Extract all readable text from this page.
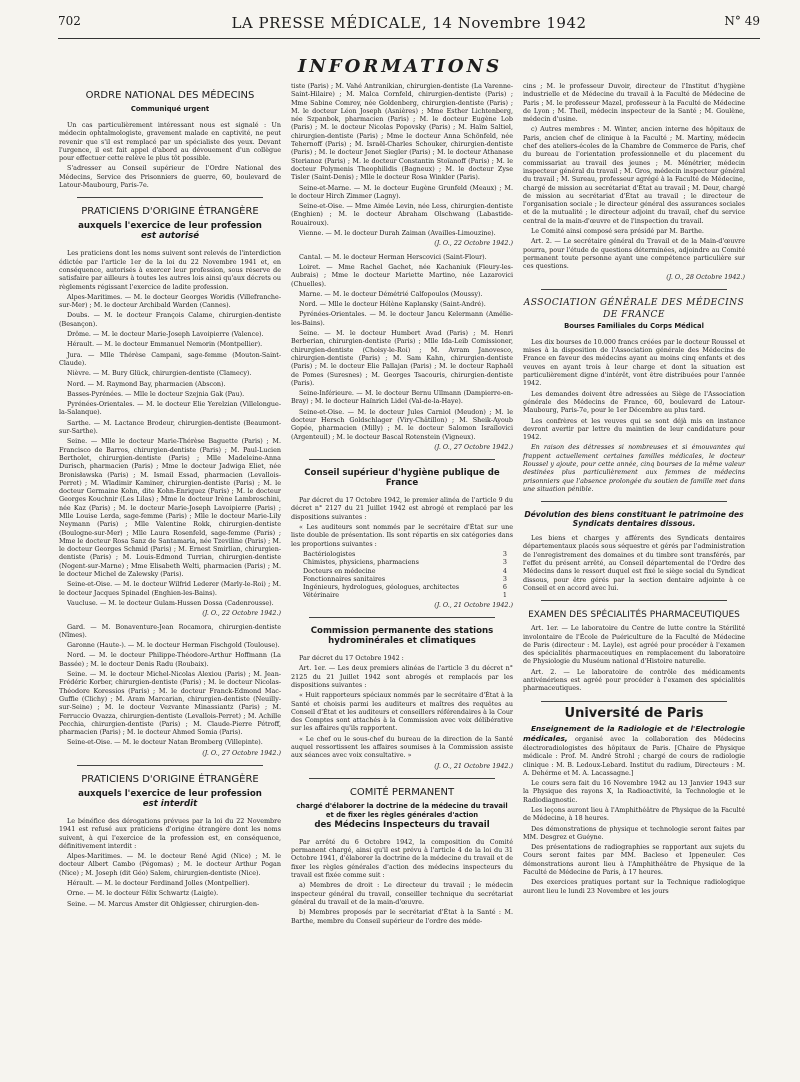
702	LA PRESSE MÉDICALE, 14 Novembre 1942	N° 49
INFORMATIONS
ORDRE NATIONAL DES MÉDECINS
Communiqué urgent

Un cas particulièrement intéressant nous est signalé : Un médecin ophtalmologiste, gravement malade en captivité, ne peut revenir que s'il est remplacé par un spécialiste des yeux. Devant l'urgence, il est fait appel d'abord au dévouement d'un collègue pour effectuer cette relève le plus tôt possible.

S'adresser au Conseil supérieur de l'Ordre National des Médecins, Service des Prisonniers de guerre, 60, boulevard de Latour-Maubourg, Paris-7e.

PRATICIENS D'ORIGINE ÉTRANGÈRE
auxquels l'exercice de leur profession
est autorisé

Les praticiens dont les noms suivent sont relevés de l'interdiction édictée par l'article 1er de la loi du 22 Novembre 1941 et, en conséquence, autorisés à exercer leur profession, sous réserve de satisfaire par ailleurs à toutes les autres lois ainsi qu'aux décrets ou règlements régissant l'exercice de ladite profession.

Alpes-Maritimes. — M. le docteur Georges Woridis (Villefranche-sur-Mer) ; M. le docteur Archibald Warden (Cannes).

Doubs. — M. le docteur François Calame, chirurgien-dentiste (Besançon).

Drôme. — M. le docteur Marie-Joseph Lavoipierre (Valence).

Hérault. — M. le docteur Emmanuel Nemorin (Montpellier).

Jura. — Mlle Thérèse Campani, sage-femme (Mouton-Saint-Claude).

Nièvre. — M. Bury Glück, chirurgien-dentiste (Clamecy).

Nord. — M. Raymond Bay, pharmacien (Abscon).

Basses-Pyrénées. — Mlle le docteur Szejnia Gak (Pau).

Pyrénées-Orientales. — M. le docteur Elie Yerelzian (Villelongue-la-Salanque).

Sarthe. — M. Lactance Brodeur, chirurgien-dentiste (Beaumont-sur-Sarthe).

Seine. — Mlle le docteur Marie-Thérèse Baguette (Paris) ; M. Francisco de Barros, chirurgien-dentiste (Paris) ; M. Paul-Lucien Bertholet, chirurgien-dentiste (Paris) ; Mlle Madeleine-Anna Durisch, pharmacien (Paris) ; Mme le docteur Jadwiga Eliet, née Bronisławska (Paris) ; M. Ismail Essad, pharmacien (Levallois-Perret) ; M. Wladimir Kaminer, chirurgien-dentiste (Paris) ; M. le docteur Germaine Kohn, dite Kohn-Enriquez (Paris) ; M. le docteur Georges Kouchnir (Les Lilas) ; Mme le docteur Irène Lambroschini, née Kaz (Paris) ; M. le docteur Marie-Joseph Lavoipierre (Paris) ; Mlle Louise Lerda, sage-femme (Paris) ; Mlle le docteur Marie-Lily Neymann (Paris) ; Mlle Valentine Rokk, chirurgien-dentiste (Boulogne-sur-Mer) ; Mlle Laura Rosenfeld, sage-femme (Paris) ; Mme le docteur Rosa Sanz de Santamaria, née Tzeviline (Paris) ; M. le docteur Georges Schmid (Paris) ; M. Ernest Smirlian, chirurgien-dentiste (Paris) ; M. Louis-Edmond Turrian, chirurgien-dentiste (Nogent-sur-Marne) ; Mme Elisabeth Welti, pharmacien (Paris) ; M. le docteur Michel de Zalewsky (Paris).

Seine-et-Oise. — M. le docteur Wilfrid Lederer (Marly-le-Roi) ; M. le docteur Jacques Spinadel (Enghien-les-Bains).

Vaucluse. — M. le docteur Gulam-Hussen Dossa (Cadenrousse).

(J. O., 22 Octobre 1942.)

Gard. — M. Bonaventure-Jean Rocamora, chirurgien-dentiste (Nîmes).

Garonne (Haute-). — M. le docteur Herman Fischgold (Toulouse).

Nord. — M. le docteur Philippe-Théodore-Arthur Hoffmann (La Bassée) ; M. le docteur Denis Radu (Roubaix).

Seine. — M. le docteur Michel-Nicolas Alexiou (Paris) ; M. Jean-Frédéric Korber, chirurgien-dentiste (Paris) ; M. le docteur Nicolas-Théodore Koressios (Paris) ; M. le docteur Franck-Edmond Mac-Guffie (Clichy) ; M. Aram Marcarian, chirurgien-dentiste (Neuilly-sur-Seine) ; M. le docteur Vezvante Minassiantz (Paris) ; M. Ferruccio Ovazza, chirurgien-dentiste (Levallois-Perret) ; M. Achille Pecchia, chirurgien-dentiste (Paris) ; M. Claude-Pierre Pétroff, pharmacien (Paris) ; M. le docteur Ahmed Somia (Paris).

Seine-et-Oise. — M. le docteur Natan Bromberg (Villepinte).

(J. O., 27 Octobre 1942.)
PRATICIENS D'ORIGINE ÉTRANGÈRE
auxquels l'exercice de leur profession
est interdit

Le bénéfice des dérogations prévues par la loi du 22 Novembre 1941 est refusé aux praticiens d'origine étrangère dont les noms suivent, à qui l'exercice de la profession est, en conséquence, définitivement interdit :

Alpes-Maritimes. — M. le docteur René Agid (Nice) ; M. le docteur Albert Cambo (Pégomas) ; M. le docteur Arthur Pogan (Nice) ; M. Joseph (dit Géo) Salem, chirurgien-dentiste (Nice).

Hérault. — M. le docteur Ferdinand Jolles (Montpellier).

Orne. — M. le docteur Félix Schwartz (Laigle).

Seine. — M. Marcus Amster dit Ohlgiesser, chirurgien-den-

tiste (Paris) ; M. Vahé Antranikian, chirurgien-dentiste (La Varenne-Saint-Hilaire) ; M. Malca Cornfeld, chirurgien-dentiste (Paris) ; Mme Sabine Comrey, née Goldenberg, chirurgien-dentiste (Paris) ; M. le docteur Léon Joseph (Asnières) ; Mme Esther Lichtenberg, née Szpanbok, pharmacien (Paris) ; M. le docteur Eugène Lob (Paris) ; M. le docteur Nicolas Popovsky (Paris) ; M. Haïm Saltiel, chirurgien-dentiste (Paris) ; Mme le docteur Anna Schönfeld, née Tehernoff (Paris) ; M. Israël-Charles Schouker, chirurgien-dentiste (Paris) ; M. le docteur Jenet Siegler (Paris) ; M. le docteur Athanase Sterianoz (Paris) ; M. le docteur Constantin Stoïanoff (Paris) ; M. le docteur Polymenis Theophilidis (Bagneux) ; M. le docteur Zyse Tisler (Saint-Denis) ; Mlle le docteur Rosa Winkler (Paris).

Seine-et-Marne. — M. le docteur Eugène Grunfeld (Meaux) ; M. le docteur Hirch Zimmer (Lagny).

Seine-et-Oise. — Mme Aimée Levin, née Less, chirurgien-dentiste (Enghien) ; M. le docteur Abraham Olschwang (Labastide-Rouairoux).

Vienne. — M. le docteur Durah Zaiman (Availles-Limouzine).

(J. O., 22 Octobre 1942.)

Cantal. — M. le docteur Herman Herscovici (Saint-Flour).

Loiret. — Mme Rachel Gachet, née Kachaniuk (Fleury-les-Aubrais) ; Mme le docteur Mariette Martino, née Lazarovici (Chuelles).

Marne. — M. le docteur Démétrié Calfopoulos (Moussy).

Nord. — Mlle le docteur Hélène Kaplansky (Saint-André).

Pyrénées-Orientales. — M. le docteur Jancu Kelermann (Amélie-les-Bains).

Seine. — M. le docteur Humbert Avad (Paris) ; M. Henri Berberian, chirurgien-dentiste (Paris) ; Mlle Ida-Leib Comissioner, chirurgien-dentiste (Choisy-le-Roi) ; M. Avram Janovesco, chirurgien-dentiste (Paris) ; M. Sam Kahn, chirurgien-dentiste (Paris) ; M. le docteur Elie Pallajan (Paris) ; M. le docteur Raphaël de Pomes (Suresnes) ; M. Georges Tsacouris, chirurgien-dentiste (Paris).

Seine-Inférieure. — M. le docteur Bernu Ullmann (Dampierre-en-Bray) ; M. le docteur Haïnrich Lidel (Val-de-la-Haye).

Seine-et-Oise. — M. le docteur Jules Carniol (Meudon) ; M. le docteur Hersch Goldschlager (Viry-Châtillon) ; M. Sheik-Ayoub Gopée, pharmacien (Milly) ; M. le docteur Salomon Israïlovici (Argenteuil) ; M. le docteur Bascal Rotenstein (Vigneux).

(J. O., 27 Octobre 1942.)
Conseil supérieur d'hygiène publique de France

Par décret du 17 Octobre 1942, le premier alinéa de l'article 9 du décret n° 2127 du 21 Juillet 1942 est abrogé et remplacé par les dispositions suivantes :

« Les auditeurs sont nommés par le secrétaire d'État sur une liste double de présentation. Ils sont répartis en six catégories dans les proportions suivantes :

Bactériologistes	3
Chimistes, physiciens, pharmaciens	3
Docteurs en médecine	4
Fonctionnaires sanitaires	3
Ingénieurs, hydrologues, géologues, architectes	6
Vétérinaire	1
(J. O., 21 Octobre 1942.)
Commission permanente des stations hydrominérales et climatiques

Par décret du 17 Octobre 1942 :

Art. 1er. — Les deux premiers alinéas de l'article 3 du décret n° 2125 du 21 Juillet 1942 sont abrogés et remplacés par les dispositions suivantes :

« Huit rapporteurs spéciaux nommés par le secrétaire d'État à la Santé et choisis parmi les auditeurs et maîtres des requêtes au Conseil d'État et les auditeurs et conseillers référendaires à la Cour des Comptes sont attachés à la Commission avec voix délibérative sur les affaires qu'ils rapportent.

« Le chef ou le sous-chef du bureau de la direction de la Santé auquel ressortissent les affaires soumises à la Commission assiste aux séances avec voix consultative. »

(J. O., 21 Octobre 1942.)
COMITÉ PERMANENT
chargé d'élaborer la doctrine de la médecine du travail
et de fixer les règles générales d'action
des Médecins Inspecteurs du travail

Par arrêté du 6 Octobre 1942, la composition du Comité permanent chargé, ainsi qu'il est prévu à l'article 4 de la loi du 31 Octobre 1941, d'élaborer la doctrine de la médecine du travail et de fixer les règles générales d'action des médecins inspecteurs du travail est fixée comme suit :

a) Membres de droit : Le directeur du travail ; le médecin inspecteur général du travail, conseiller technique du secrétariat général du travail et de la main-d'œuvre.

b) Membres proposés par le secrétariat d'État à la Santé : M. Barthe, membre du Conseil supérieur de l'ordre des méde-

cins ; M. le professeur Duvoir, directeur de l'Institut d'hygiène industrielle et de Médecine du travail à la Faculté de Médecine de Paris ; M. le professeur Mazel, professeur à la Faculté de Médecine de Lyon ; M. Theil, médecin inspecteur de la Santé ; M. Goulène, médecin d'usine.

c) Autres membres : M. Winter, ancien interne des hôpitaux de Paris, ancien chef de clinique à la Faculté ; M. Martiny, médecin chef des ateliers-écoles de la Chambre de Commerce de Paris, chef du bureau de l'orientation professionnelle et du placement du commissariat au travail des jeunes ; M. Ménétrier, médecin inspecteur général du travail ; M. Gros, médecin inspecteur général du travail ; M. Sureau, professeur agrégé à la Faculté de Médecine, chargé de mission au secrétariat d'État au travail ; M. Deur, chargé de mission au secrétariat d'État au travail ; le directeur de l'organisation sociale ; le directeur général des assurances sociales et de la mutualité ; le directeur adjoint du travail, chef du service central de la main-d'œuvre et de l'inspection du travail.

Le Comité ainsi composé sera présidé par M. Barthe.

Art. 2. — Le secrétaire général du Travail et de la Main-d'œuvre pourra, pour l'étude de questions déterminées, adjoindre au Comité permanent toute personne ayant une compétence particulière sur ces questions.

(J. O., 28 Octobre 1942.)
ASSOCIATION GÉNÉRALE DES MÉDECINS
DE FRANCE
Bourses Familiales du Corps Médical

Les dix bourses de 10.000 francs créées par le docteur Roussel et mises à la disposition de l'Association générale des Médecins de France en faveur des médecins ayant au moins cinq enfants et des veuves en ayant trois à leur charge et dont la situation est particulièrement digne d'intérêt, vont être distribuées pour l'année 1942.

Les demandes doivent être adressées au Siège de l'Association générale des Médecins de France, 60, boulevard de Latour-Maubourg, Paris-7e, pour le 1er Décembre au plus tard.

Les confrères et les veuves qui se sont déjà mis en instance devront avertir par lettre du maintien de leur candidature pour 1942.

En raison des détresses si nombreuses et si émouvantes qui frappent actuellement certaines familles médicales, le docteur Roussel y ajoute, pour cette année, cinq bourses de la même valeur destinées plus particulièrement aux femmes de médecins prisonniers que l'absence prolongée du soutien de famille met dans une situation pénible.

Dévolution des biens constituant le patrimoine des Syndicats dentaires dissous.

Les biens et charges y afférents des Syndicats dentaires départementaux placés sous séquestre et gérés par l'administration de l'enregistrement des domaines et du timbre sont transférés, par l'effet du présent arrêté, au Conseil départemental de l'Ordre des Médecins dans le ressort duquel est fixé le siège social du Syndicat dissous, pour être gérés par la section dentaire adjointe à ce Conseil et en accord avec lui.

EXAMEN DES SPÉCIALITÉS PHARMACEUTIQUES

Art. 1er. — Le laboratoire du Centre de lutte contre la Stérilité involontaire de l'École de Puériculture de la Faculté de Médecine de Paris (directeur : M. Layle), est agréé pour procéder à l'examen des spécialités pharmaceutiques en remplacement du laboratoire de Physiologie du Muséum national d'Histoire naturelle.

Art. 2. — Le laboratoire de contrôle des médicaments antivénériens est agréé pour procéder à l'examen des spécialités pharmaceutiques.

Université de Paris

Enseignement de la Radiologie et de l'Electrologie médicales, organisé avec la collaboration des Médecins électroradiologistes des hôpitaux de Paris. [Chaire de Physique médicale : Prof. M. André Strohl ; chargé de cours de radiologie clinique : M. B. Ledoux-Lebard. Institut du radium, Directeurs : M. A. Dehérme et M. A. Lacassagne.]

Le cours sera fait du 16 Novembre 1942 au 13 Janvier 1943 sur la Physique des rayons X, la Radioactivité, la Technologie et le Radiodiagnostic.

Les leçons auront lieu à l'Amphithéâtre de Physique de la Faculté de Médecine, à 18 heures.

Des démonstrations de physique et technologie seront faites par MM. Desgrez et Guéyne.

Des présentations de radiographies se rapportant aux sujets du Cours seront faites par MM. Bacleso et Ippeneuler. Ces démonstrations auront lieu à l'Amphithéâtre de Physique de la Faculté de Médecine de Paris, à 17 heures.

Des exercices pratiques portant sur la Technique radiologique auront lieu le lundi 23 Novembre et les jours
